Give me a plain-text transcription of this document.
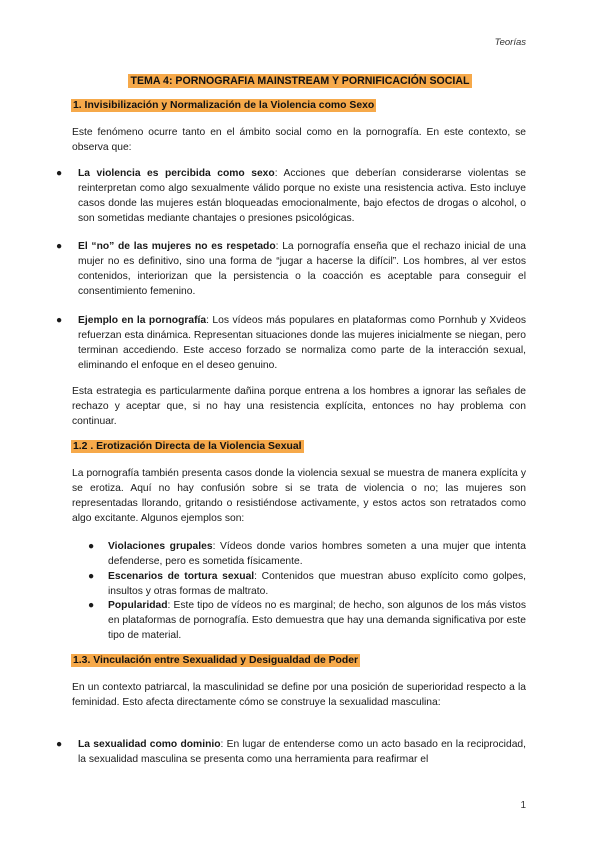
Teorías
TEMA 4: PORNOGRAFIA MAINSTREAM Y PORNIFICACIÓN SOCIAL
1. Invisibilización y Normalización de la Violencia como Sexo
Este fenómeno ocurre tanto en el ámbito social como en la pornografía. En este contexto, se observa que:
● La violencia es percibida como sexo: Acciones que deberían considerarse violentas se reinterpretan como algo sexualmente válido porque no existe una resistencia activa. Esto incluye casos donde las mujeres están bloqueadas emocionalmente, bajo efectos de drogas o alcohol, o son sometidas mediante chantajes o presiones psicológicas.
● El “no” de las mujeres no es respetado: La pornografía enseña que el rechazo inicial de una mujer no es definitivo, sino una forma de “jugar a hacerse la difícil”. Los hombres, al ver estos contenidos, interiorizan que la persistencia o la coacción es aceptable para conseguir el consentimiento femenino.
● Ejemplo en la pornografía: Los vídeos más populares en plataformas como Pornhub y Xvideos refuerzan esta dinámica. Representan situaciones donde las mujeres inicialmente se niegan, pero terminan accediendo. Este acceso forzado se normaliza como parte de la interacción sexual, eliminando el enfoque en el deseo genuino.
Esta estrategia es particularmente dañina porque entrena a los hombres a ignorar las señales de rechazo y aceptar que, si no hay una resistencia explícita, entonces no hay problema con continuar.
1.2 . Erotización Directa de la Violencia Sexual
La pornografía también presenta casos donde la violencia sexual se muestra de manera explícita y se erotiza. Aquí no hay confusión sobre si se trata de violencia o no; las mujeres son representadas llorando, gritando o resistiéndose activamente, y estos actos son retratados como algo excitante. Algunos ejemplos son:
● Violaciones grupales: Vídeos donde varios hombres someten a una mujer que intenta defenderse, pero es sometida físicamente.
● Escenarios de tortura sexual: Contenidos que muestran abuso explícito como golpes, insultos y otras formas de maltrato.
● Popularidad: Este tipo de vídeos no es marginal; de hecho, son algunos de los más vistos en plataformas de pornografía. Esto demuestra que hay una demanda significativa por este tipo de material.
1.3. Vinculación entre Sexualidad y Desigualdad de Poder
En un contexto patriarcal, la masculinidad se define por una posición de superioridad respecto a la feminidad. Esto afecta directamente cómo se construye la sexualidad masculina:
● La sexualidad como dominio: En lugar de entenderse como un acto basado en la reciprocidad, la sexualidad masculina se presenta como una herramienta para reafirmar el
1
